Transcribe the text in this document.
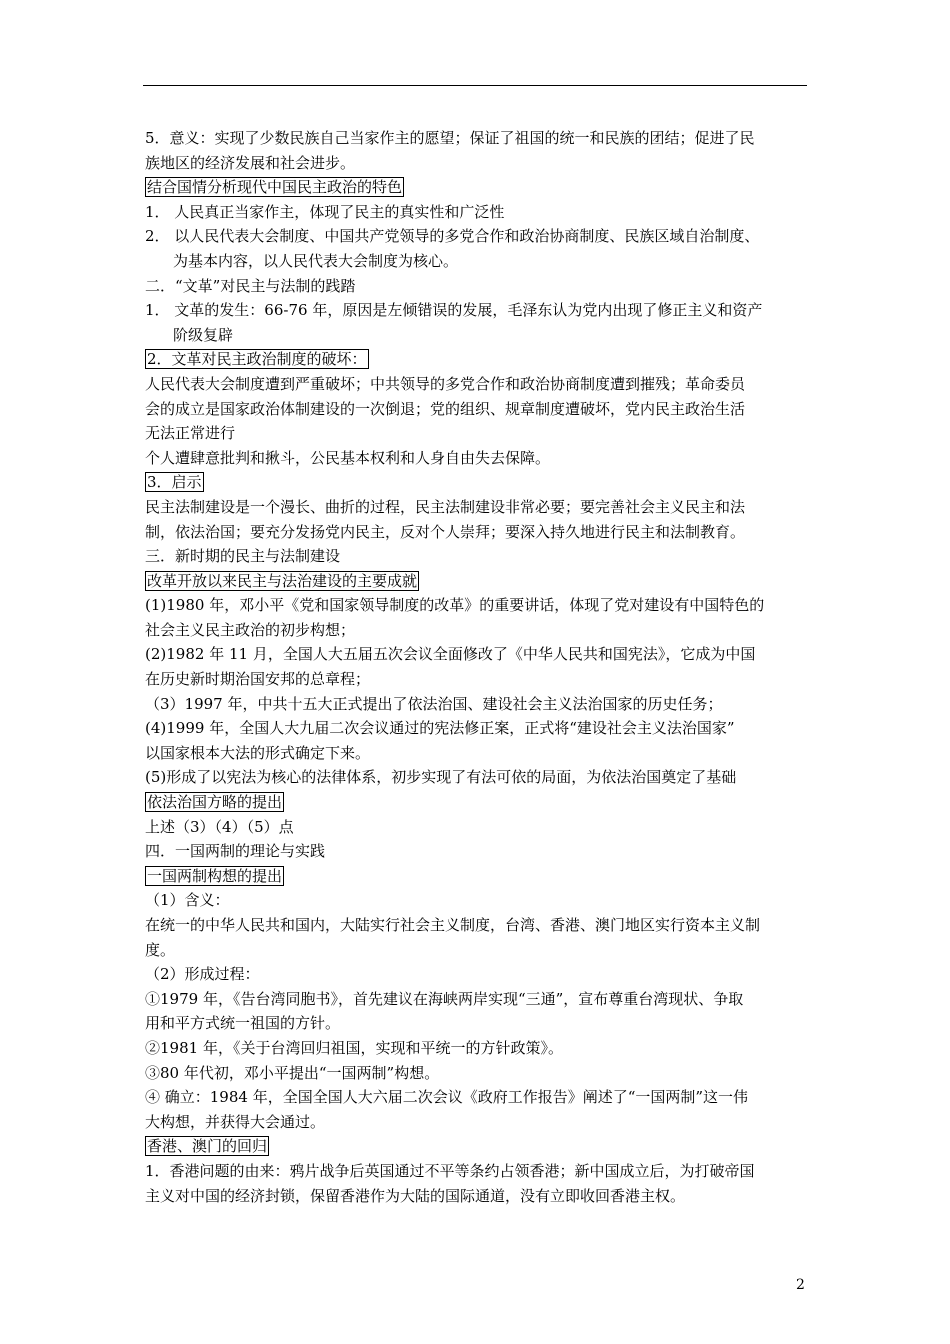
5．意义：实现了少数民族自己当家作主的愿望；保证了祖国的统一和民族的团结；促进了民
族地区的经济发展和社会进步。
结合国情分析现代中国民主政治的特色
1． 人民真正当家作主，体现了民主的真实性和广泛性
2． 以人民代表大会制度、中国共产党领导的多党合作和政治协商制度、民族区域自治制度、
为基本内容，以人民代表大会制度为核心。
二．“文革”对民主与法制的践踏
1． 文革的发生：66-76 年，原因是左倾错误的发展，毛泽东认为党内出现了修正主义和资产
阶级复辟
2．文革对民主政治制度的破坏：
人民代表大会制度遭到严重破坏；中共领导的多党合作和政治协商制度遭到摧残；革命委员
会的成立是国家政治体制建设的一次倒退；党的组织、规章制度遭破坏，党内民主政治生活
无法正常进行
个人遭肆意批判和揪斗，公民基本权利和人身自由失去保障。
3．启示
民主法制建设是一个漫长、曲折的过程，民主法制建设非常必要；要完善社会主义民主和法
制，依法治国；要充分发扬党内民主，反对个人崇拜；要深入持久地进行民主和法制教育。
三．新时期的民主与法制建设
改革开放以来民主与法治建设的主要成就
(1)1980 年，邓小平《党和国家领导制度的改革》的重要讲话，体现了党对建设有中国特色的
社会主义民主政治的初步构想；
(2)1982 年 11 月，全国人大五届五次会议全面修改了《中华人民共和国宪法》，它成为中国
在历史新时期治国安邦的总章程；
（3）1997 年，中共十五大正式提出了依法治国、建设社会主义法治国家的历史任务；
(4)1999 年，全国人大九届二次会议通过的宪法修正案，正式将“建设社会主义法治国家”
以国家根本大法的形式确定下来。
(5)形成了以宪法为核心的法律体系，初步实现了有法可依的局面，为依法治国奠定了基础
依法治国方略的提出
上述（3）（4）（5）点
四．一国两制的理论与实践
一国两制构想的提出
（1）含义：
在统一的中华人民共和国内，大陆实行社会主义制度，台湾、香港、澳门地区实行资本主义制
度。
（2）形成过程：
①1979 年，《告台湾同胞书》，首先建议在海峡两岸实现“三通”，宣布尊重台湾现状、争取
用和平方式统一祖国的方针。
②1981 年，《关于台湾回归祖国，实现和平统一的方针政策》。
③80 年代初，邓小平提出“一国两制”构想。
④ 确立：1984 年，全国全国人大六届二次会议《政府工作报告》阐述了“一国两制”这一伟
大构想，并获得大会通过。
香港、澳门的回归
1．香港问题的由来：鸦片战争后英国通过不平等条约占领香港；新中国成立后，为打破帝国
主义对中国的经济封锁，保留香港作为大陆的国际通道，没有立即收回香港主权。
2
